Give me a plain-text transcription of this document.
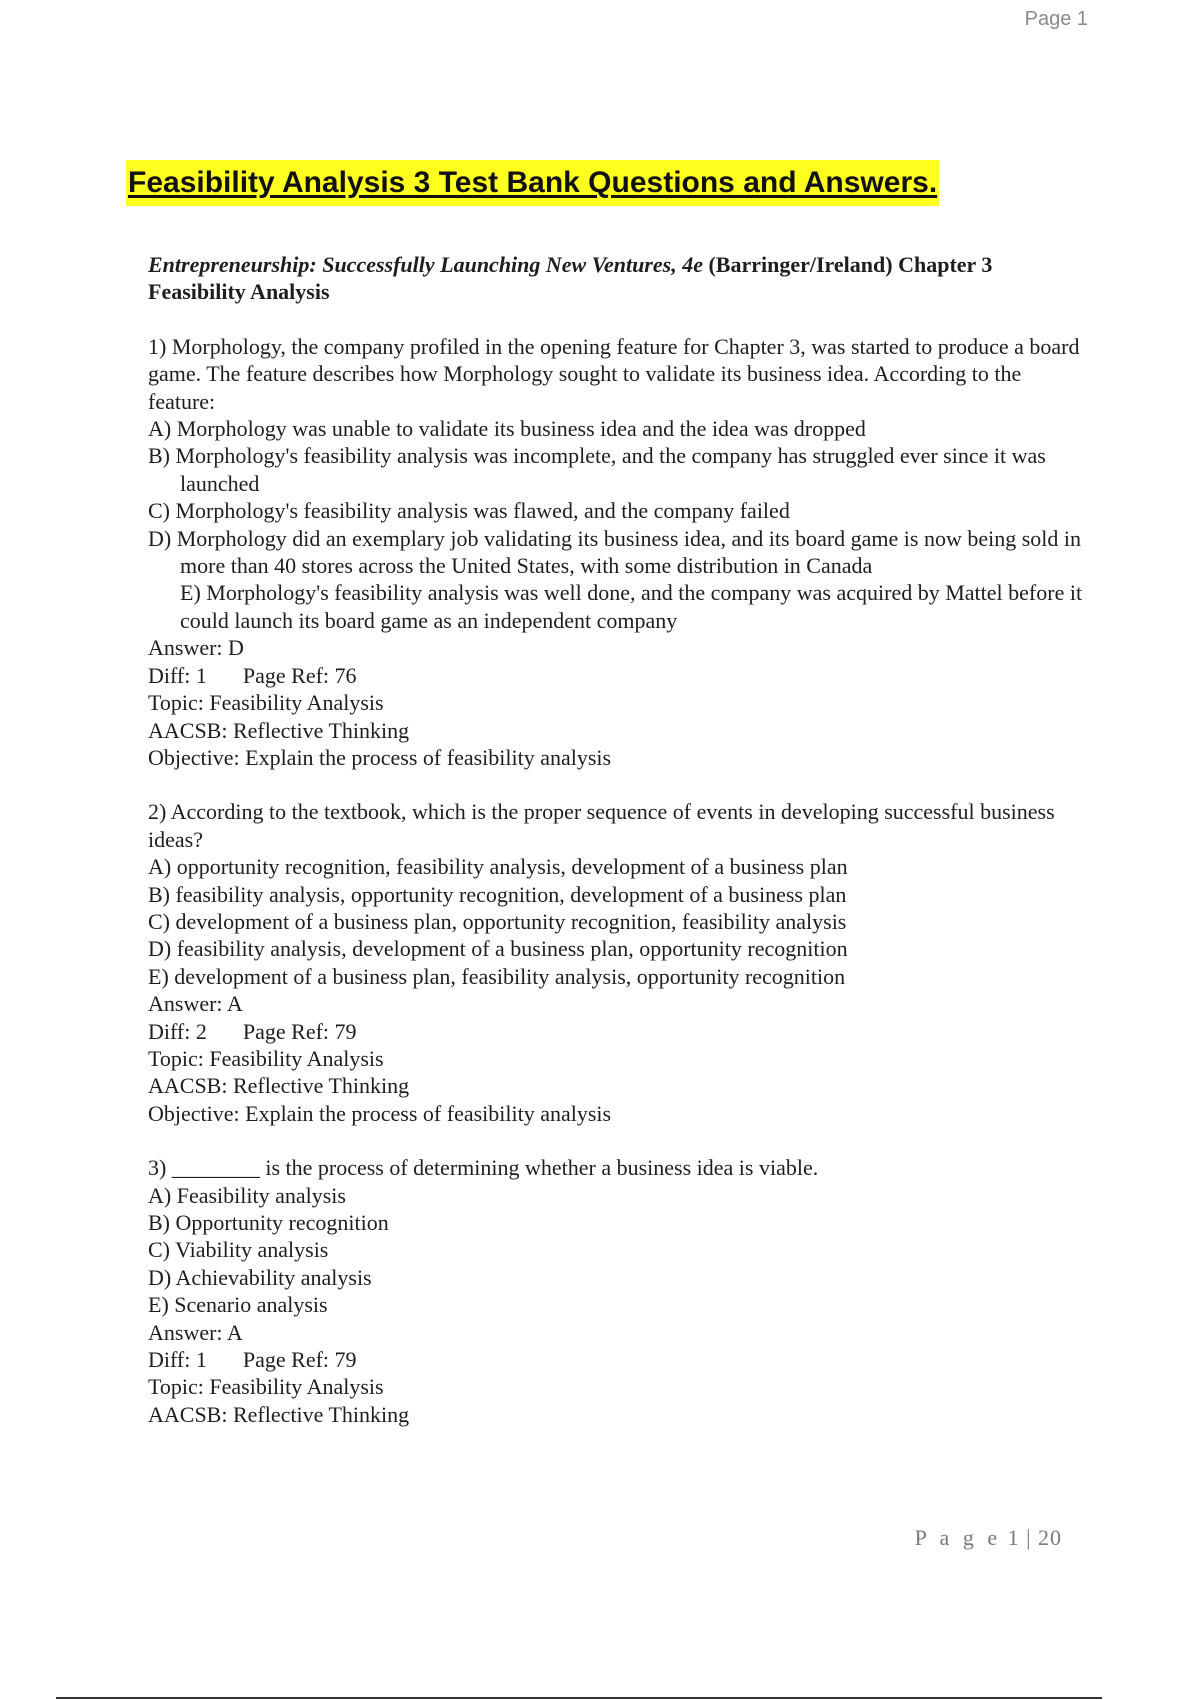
Page 1
Feasibility Analysis 3 Test Bank Questions and Answers.
Entrepreneurship: Successfully Launching New Ventures, 4e (Barringer/Ireland) Chapter 3 Feasibility Analysis
1) Morphology, the company profiled in the opening feature for Chapter 3, was started to produce a board game. The feature describes how Morphology sought to validate its business idea. According to the feature:
A) Morphology was unable to validate its business idea and the idea was dropped
B) Morphology's feasibility analysis was incomplete, and the company has struggled ever since it was launched
C) Morphology's feasibility analysis was flawed, and the company failed
D) Morphology did an exemplary job validating its business idea, and its board game is now being sold in more than 40 stores across the United States, with some distribution in Canada
E) Morphology's feasibility analysis was well done, and the company was acquired by Mattel before it could launch its board game as an independent company
Answer: D
Diff: 1 Page Ref: 76
Topic: Feasibility Analysis
AACSB: Reflective Thinking
Objective: Explain the process of feasibility analysis
2) According to the textbook, which is the proper sequence of events in developing successful business ideas?
A) opportunity recognition, feasibility analysis, development of a business plan
B) feasibility analysis, opportunity recognition, development of a business plan
C) development of a business plan, opportunity recognition, feasibility analysis
D) feasibility analysis, development of a business plan, opportunity recognition
E) development of a business plan, feasibility analysis, opportunity recognition
Answer: A
Diff: 2 Page Ref: 79
Topic: Feasibility Analysis
AACSB: Reflective Thinking
Objective: Explain the process of feasibility analysis
3) ________ is the process of determining whether a business idea is viable.
A) Feasibility analysis
B) Opportunity recognition
C) Viability analysis
D) Achievability analysis
E) Scenario analysis
Answer: A
Diff: 1 Page Ref: 79
Topic: Feasibility Analysis
AACSB: Reflective Thinking
P a g e 1 | 20
